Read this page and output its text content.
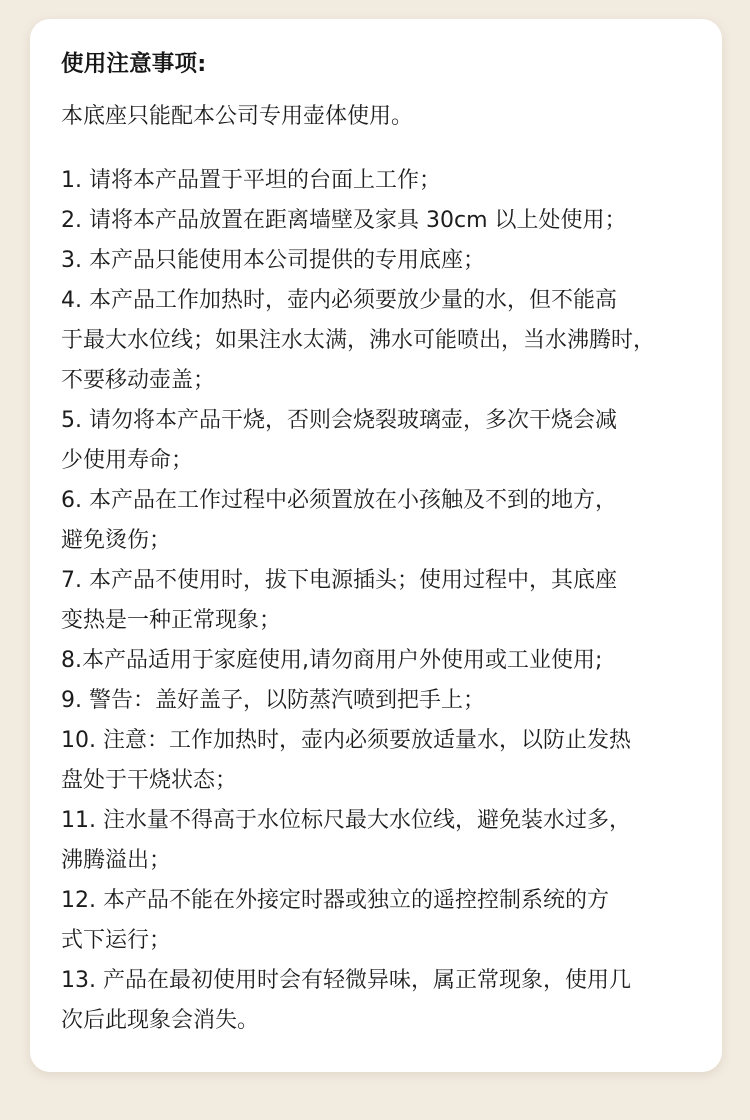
使用注意事项:
本底座只能配本公司专用壶体使用。
1. 请将本产品置于平坦的台面上工作；
2. 请将本产品放置在距离墙壁及家具 30cm 以上处使用；
3. 本产品只能使用本公司提供的专用底座；
4. 本产品工作加热时，壶内必须要放少量的水，但不能高
于最大水位线；如果注水太满，沸水可能喷出，当水沸腾时，
不要移动壶盖；
5. 请勿将本产品干烧，否则会烧裂玻璃壶，多次干烧会减
少使用寿命；
6. 本产品在工作过程中必须置放在小孩触及不到的地方，
避免烫伤；
7. 本产品不使用时，拔下电源插头；使用过程中，其底座
变热是一种正常现象；
8.本产品适用于家庭使用,请勿商用户外使用或工业使用;
9. 警告：盖好盖子，以防蒸汽喷到把手上；
10. 注意：工作加热时，壶内必须要放适量水，以防止发热
盘处于干烧状态；
11. 注水量不得高于水位标尺最大水位线，避免装水过多，
沸腾溢出；
12. 本产品不能在外接定时器或独立的遥控控制系统的方
式下运行；
13. 产品在最初使用时会有轻微异味，属正常现象，使用几
次后此现象会消失。
